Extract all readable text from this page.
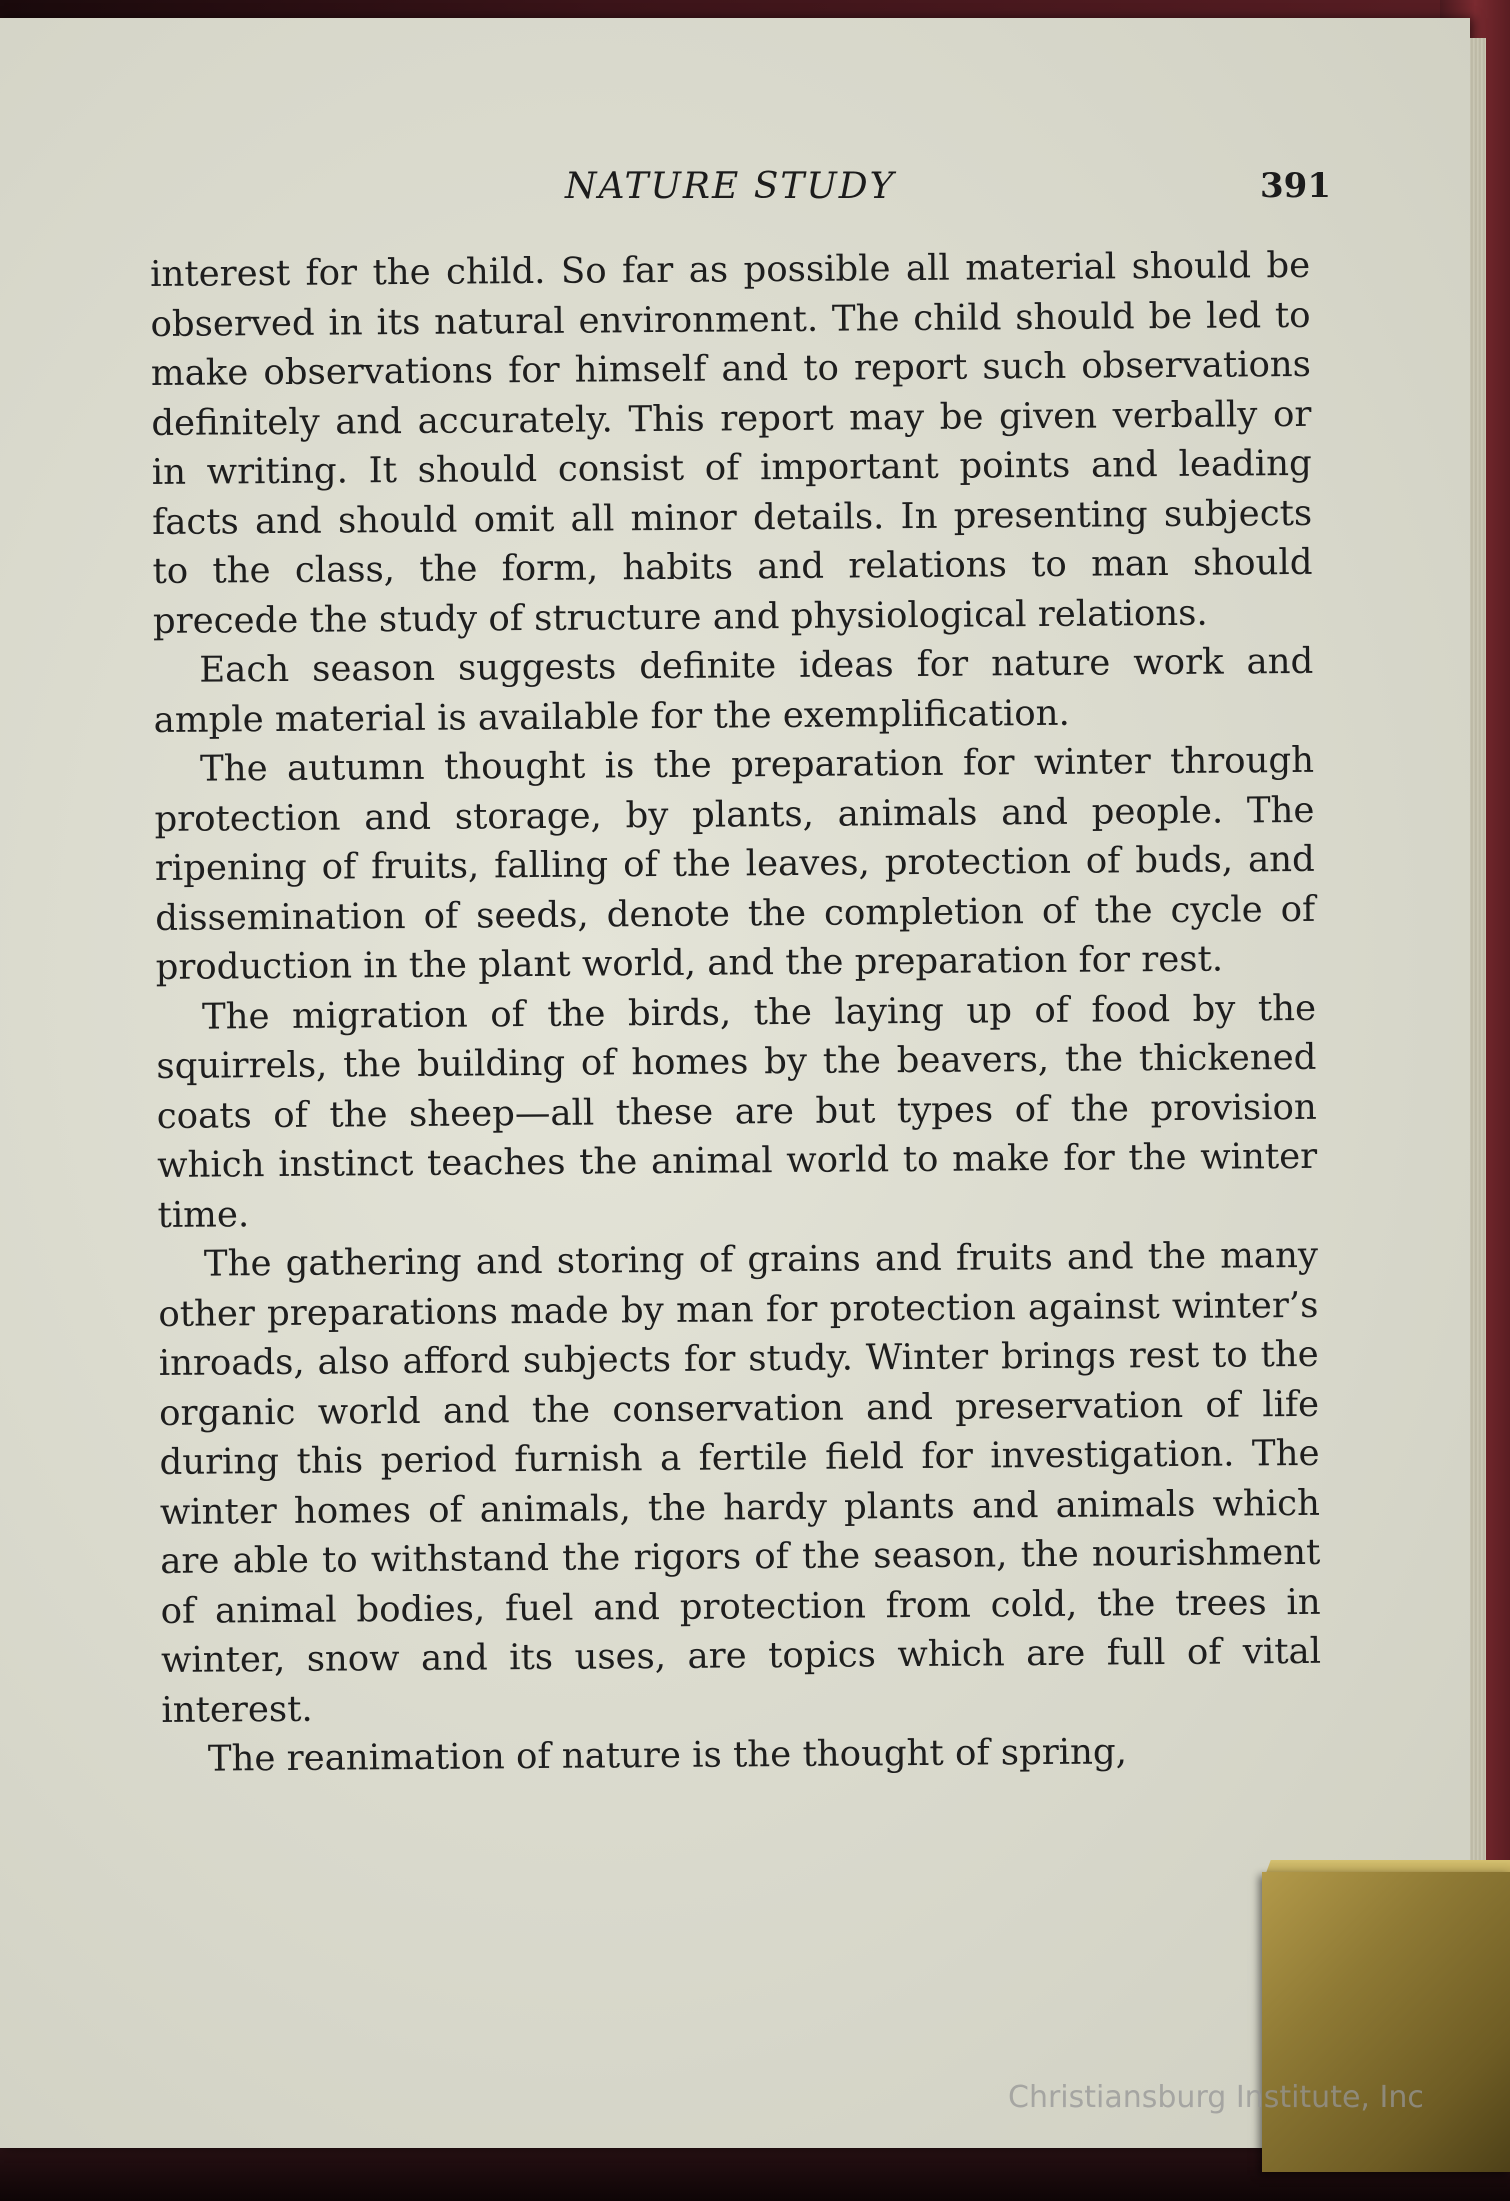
NATURE STUDY	391

interest for the child. So far as possible all material should be observed in its natural environment. The child should be led to make observations for himself and to report such observations definitely and accurately. This report may be given verbally or in writing. It should consist of important points and leading facts and should omit all minor details. In presenting subjects to the class, the form, habits and relations to man should precede the study of structure and physiological relations.

Each season suggests definite ideas for nature work and ample material is available for the exemplification.

The autumn thought is the preparation for winter through protection and storage, by plants, animals and people. The ripening of fruits, falling of the leaves, protection of buds, and dissemination of seeds, denote the completion of the cycle of production in the plant world, and the preparation for rest.

The migration of the birds, the laying up of food by the squirrels, the building of homes by the beavers, the thickened coats of the sheep—all these are but types of the provision which instinct teaches the animal world to make for the winter time.

The gathering and storing of grains and fruits and the many other preparations made by man for protection against winter’s inroads, also afford subjects for study. Winter brings rest to the organic world and the conservation and preservation of life during this period furnish a fertile field for investigation. The winter homes of animals, the hardy plants and animals which are able to withstand the rigors of the season, the nourishment of animal bodies, fuel and protection from cold, the trees in winter, snow and its uses, are topics which are full of vital interest.

The reanimation of nature is the thought of spring,

Christiansburg Institute, Inc
